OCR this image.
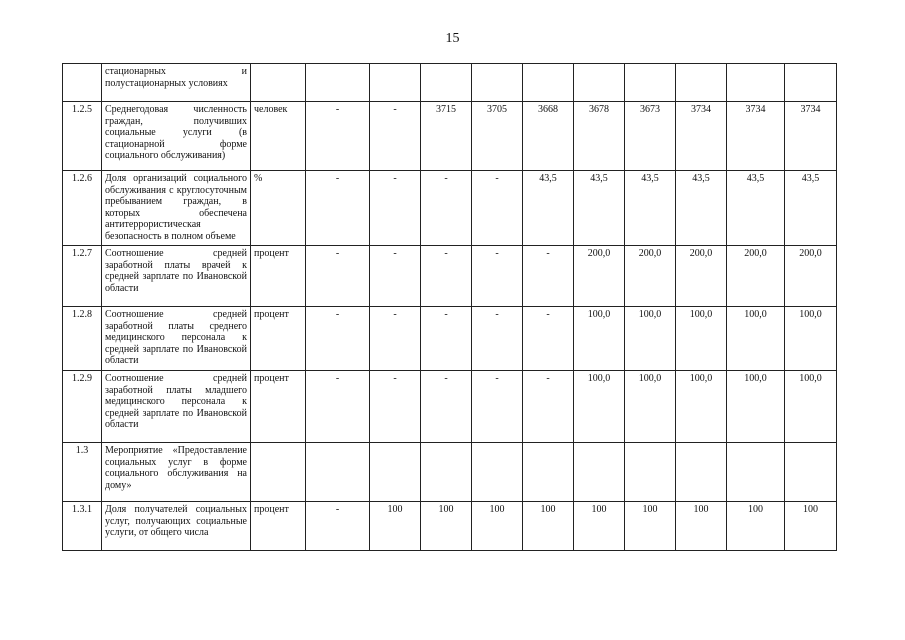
15
	стационарных и полустационарных условиях											
1.2.5	Среднегодовая численность граждан, получивших социальные услуги (в стационарной форме социального обслуживания)	человек	-	-	3715	3705	3668	3678	3673	3734	3734	3734
1.2.6	Доля организаций социального обслуживания с круглосуточным пребыванием граждан, в которых обеспечена антитеррористическая безопасность в полном объеме	%	-	-	-	-	43,5	43,5	43,5	43,5	43,5	43,5
1.2.7	Соотношение средней заработной платы врачей к средней зарплате по Ивановской области	процент	-	-	-	-	-	200,0	200,0	200,0	200,0	200,0
1.2.8	Соотношение средней заработной платы среднего медицинского персонала к средней зарплате по Ивановской области	процент	-	-	-	-	-	100,0	100,0	100,0	100,0	100,0
1.2.9	Соотношение средней заработной платы младшего медицинского персонала к средней зарплате по Ивановской области	процент	-	-	-	-	-	100,0	100,0	100,0	100,0	100,0
1.3	Мероприятие «Предоставление социальных услуг в форме социального обслуживания на дому»											
1.3.1	Доля получателей социальных услуг, получающих социальные услуги, от общего числа	процент	-	100	100	100	100	100	100	100	100	100
